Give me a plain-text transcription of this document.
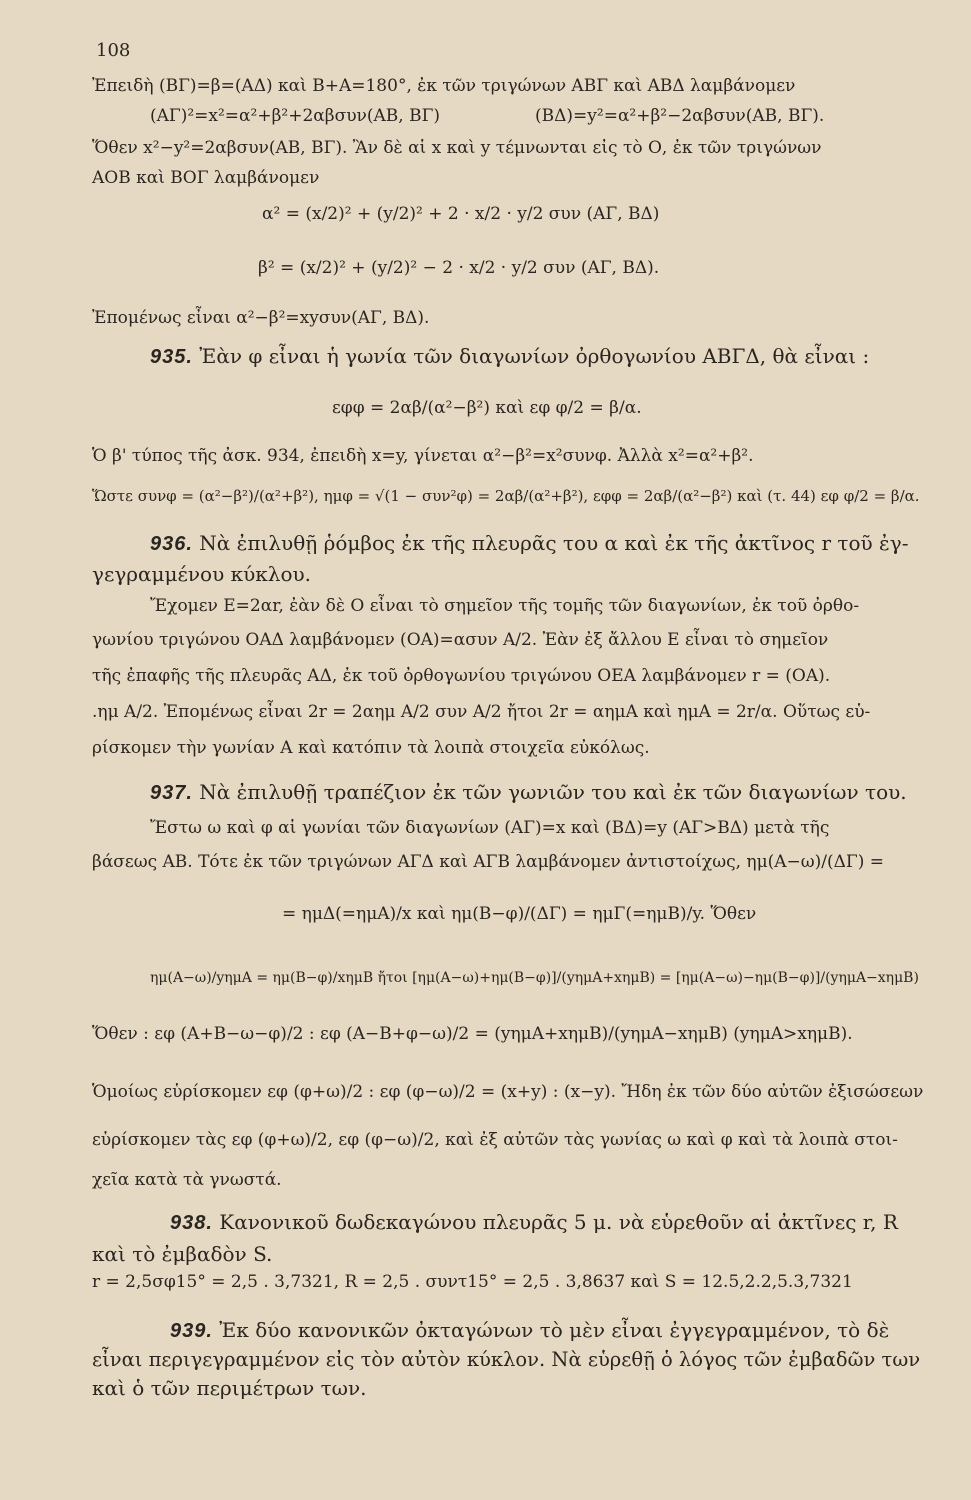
108
Ἐπειδὴ (ΒΓ)=β=(ΑΔ) καὶ Β+Α=180°, ἐκ τῶν τριγώνων ΑΒΓ καὶ ΑΒΔ λαμβάνομεν
(ΑΓ)²=x²=α²+β²+2αβσυν(ΑΒ, ΒΓ)	(ΒΔ)=y²=α²+β²−2αβσυν(ΑΒ, ΒΓ).
Ὅθεν x²−y²=2αβσυν(ΑΒ, ΒΓ). Ἂν δὲ αἱ x καὶ y τέμνωνται εἰς τὸ Ο, ἐκ τῶν τριγώνων
ΑΟΒ καὶ ΒΟΓ λαμβάνομεν
α² = (x/2)² + (y/2)² + 2 · x/2 · y/2 συν (ΑΓ, ΒΔ)
β² = (x/2)² + (y/2)² − 2 · x/2 · y/2 συν (ΑΓ, ΒΔ).
Ἐπομένως εἶναι α²−β²=xyσυν(ΑΓ, ΒΔ).
935. Ἐὰν φ εἶναι ἡ γωνία τῶν διαγωνίων ὀρθογωνίου ΑΒΓΔ, θὰ εἶναι :
εφφ = 2αβ/(α²−β²) καὶ εφ φ/2 = β/α.
Ὁ β' τύπος τῆς ἀσκ. 934, ἐπειδὴ x=y, γίνεται α²−β²=x²συνφ. Ἀλλὰ x²=α²+β².
Ὥστε συνφ = (α²−β²)/(α²+β²), ημφ = √(1 − συν²φ) = 2αβ/(α²+β²), εφφ = 2αβ/(α²−β²) καὶ (τ. 44) εφ φ/2 = β/α.
936. Νὰ ἐπιλυθῇ ῥόμβος ἐκ τῆς πλευρᾶς του α καὶ ἐκ τῆς ἀκτῖνος r τοῦ ἐγ-
γεγραμμένου κύκλου.
Ἔχομεν Ε=2αr, ἐὰν δὲ Ο εἶναι τὸ σημεῖον τῆς τομῆς τῶν διαγωνίων, ἐκ τοῦ ὀρθο-
γωνίου τριγώνου ΟΑΔ λαμβάνομεν (ΟΑ)=ασυν Α/2. Ἐὰν ἐξ ἄλλου Ε εἶναι τὸ σημεῖον
τῆς ἐπαφῆς τῆς πλευρᾶς ΑΔ, ἐκ τοῦ ὀρθογωνίου τριγώνου ΟΕΑ λαμβάνομεν r = (ΟΑ).
.ημ Α/2. Ἐπομένως εἶναι 2r = 2αημ Α/2 συν Α/2 ἤτοι 2r = αημΑ καὶ ημΑ = 2r/α. Οὕτως εὑ-
ρίσκομεν τὴν γωνίαν Α καὶ κατόπιν τὰ λοιπὰ στοιχεῖα εὐκόλως.
937. Νὰ ἐπιλυθῇ τραπέζιον ἐκ τῶν γωνιῶν του καὶ ἐκ τῶν διαγωνίων του.
Ἔστω ω καὶ φ αἱ γωνίαι τῶν διαγωνίων (ΑΓ)=x καὶ (ΒΔ)=y (ΑΓ>ΒΔ) μετὰ τῆς
βάσεως ΑΒ. Τότε ἐκ τῶν τριγώνων ΑΓΔ καὶ ΑΓΒ λαμβάνομεν ἀντιστοίχως, ημ(Α−ω)/(ΔΓ) =
= ημΔ(=ημΑ)/x καὶ ημ(Β−φ)/(ΔΓ) = ημΓ(=ημΒ)/y. Ὅθεν
ημ(Α−ω)/yημΑ = ημ(Β−φ)/xημΒ ἤτοι [ημ(Α−ω)+ημ(Β−φ)]/(yημΑ+xημΒ) = [ημ(Α−ω)−ημ(Β−φ)]/(yημΑ−xημΒ)
Ὅθεν : εφ (Α+Β−ω−φ)/2 : εφ (Α−Β+φ−ω)/2 = (yημΑ+xημΒ)/(yημΑ−xημΒ) (yημΑ>xημΒ).
Ὁμοίως εὑρίσκομεν εφ (φ+ω)/2 : εφ (φ−ω)/2 = (x+y) : (x−y). Ἤδη ἐκ τῶν δύο αὐτῶν ἐξισώσεων
εὑρίσκομεν τὰς εφ (φ+ω)/2, εφ (φ−ω)/2, καὶ ἐξ αὐτῶν τὰς γωνίας ω καὶ φ καὶ τὰ λοιπὰ στοι-
χεῖα κατὰ τὰ γνωστά.
938. Κανονικοῦ δωδεκαγώνου πλευρᾶς 5 μ. νὰ εὑρεθοῦν αἱ ἀκτῖνες r, R
καὶ τὸ ἐμβαδὸν S.
r = 2,5σφ15° = 2,5 . 3,7321, R = 2,5 . συντ15° = 2,5 . 3,8637 καὶ S = 12.5,2.2,5.3,7321
939. Ἐκ δύο κανονικῶν ὀκταγώνων τὸ μὲν εἶναι ἐγγεγραμμένον, τὸ δὲ
εἶναι περιγεγραμμένον εἰς τὸν αὐτὸν κύκλον. Νὰ εὑρεθῇ ὁ λόγος τῶν ἐμβαδῶν των
καὶ ὁ τῶν περιμέτρων των.
